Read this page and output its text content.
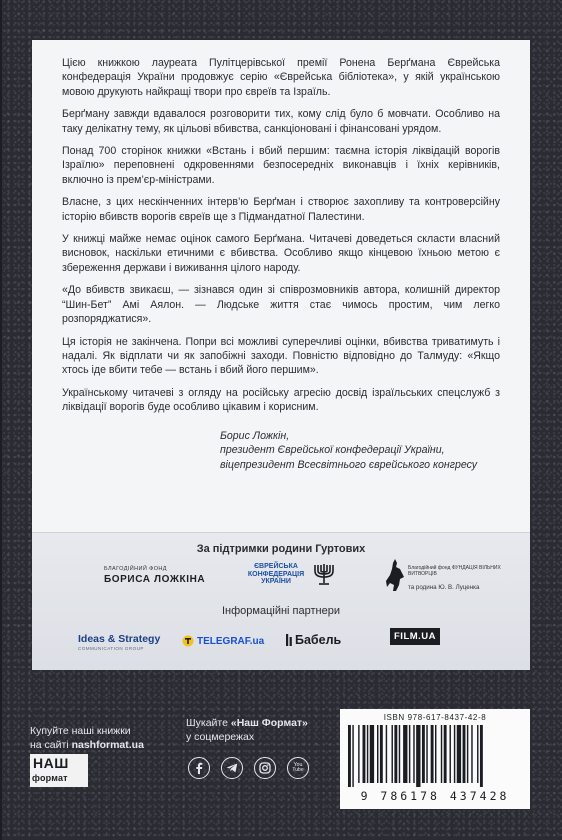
Цією книжкою лауреата Пулітцерівської премії Ронена Берґмана Єврейська конфедерація України продовжує серію «Єврейська бібліотека», у якій українською мовою друкують найкращі твори про євреїв та Ізраїль.

Берґману завжди вдавалося розговорити тих, кому слід було б мовчати. Особливо на таку делікатну тему, як цільові вбивства, санкціоновані і фінансовані урядом.

Понад 700 сторінок книжки «Встань і вбий першим: таємна історія ліквідацій ворогів Ізраїлю» переповнені одкровеннями безпосередніх виконавців і їхніх керівників, включно із прем’єр-міністрами.

Власне, з цих нескінченних інтерв’ю Берґман і створює захопливу та контроверсійну історію вбивств ворогів євреїв ще з Підмандатної Палестини.

У книжці майже немає оцінок самого Берґмана. Читачеві доведеться скласти власний висновок, наскільки етичними є вбивства. Особливо якщо кінцевою їхньою метою є збереження держави і виживання цілого народу.

«До вбивств звикаєш, — зізнався один зі співрозмовників автора, колишній директор “Шин-Бет” Амі Аялон. — Людське життя стає чимось простим, чим легко розпоряджатися».

Ця історія не закінчена. Попри всі можливі суперечливі оцінки, вбивства триватимуть і надалі. Як відплати чи як запобіжні заходи. Повністю відповідно до Талмуду: «Якщо хтось іде вбити тебе — встань і вбий його першим».

Українському читачеві з огляду на російську агресію досвід ізраїльських спецслужб з ліквідації ворогів буде особливо цікавим і корисним.

Борис Ложкін,
президент Єврейської конфедерації України,
віцепрезидент Всесвітнього єврейського конгресу
За підтримки родини Гуртових
БЛАГОДІЙНИЙ ФОНД
БОРИСА ЛОЖКІНА
ЄВРЕЙСЬКА КОНФЕДЕРАЦІЯ УКРАЇНИ
Благодійний фонд ФУНДАЦІЯ ВІЛЬНИХ ВИТВОРЦІВ
та родина Ю. В. Луценка
Інформаційні партнери
Ideas & Strategy
COMMUNICATION GROUP
TELEGRAF.ua Бабель	FILM.UA
Купуйте наші книжки
на сайті nashformat.ua
НАШ
формат
Шукайте «Наш Формат»
у соцмережах
You Tube
ISBN 978-617-8437-42-8
9 786178 437428
